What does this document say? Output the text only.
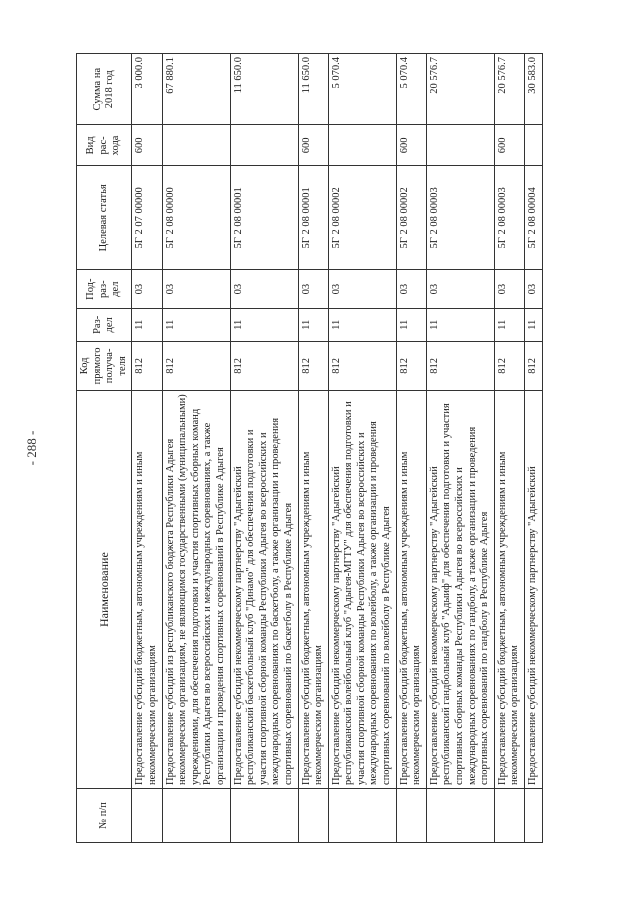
- 288 -
№ п/п	Наименование	Код прямого получа-теля	Раз-дел	Под-раз-дел	Целевая статья	Вид рас-хода	Сумма на 2018 год
	Предоставление субсидий бюджетным, автономным учреждениям и иным некоммерческим организациям	812	11	03	5Г 2 07 00000	600	3 000.0
	Предоставление субсидий из республиканского бюджета Республики Адыгея некоммерческим организациям, не являющимся государственными (муниципальными) учреждениями, для обеспечения подготовки и участия спортивных сборных команд Республики Адыгея во всероссийских и международных соревнованиях, а также организации и проведения спортивных соревнований в Республике Адыгея	812	11	03	5Г 2 08 00000		67 880.1
	Предоставление субсидий некоммерческому партнерству "Адыгейский республиканский баскетбольный клуб "Динамо" для обеспечения подготовки и участия спортивной сборной команды Республики Адыгея во всероссийских и международных соревнованиях по баскетболу, а также организации и проведения спортивных соревнований по баскетболу в Республике Адыгея	812	11	03	5Г 2 08 00001		11 650.0
	Предоставление субсидий бюджетным, автономным учреждениям и иным некоммерческим организациям	812	11	03	5Г 2 08 00001	600	11 650.0
	Предоставление субсидий некоммерческому партнерству "Адыгейский республиканский волейбольный клуб "Адыгея-МГТУ" для обеспечения подготовки и участия спортивной сборной команды Республики Адыгея во всероссийских и международных соревнованиях по волейболу, а также организации и проведения спортивных соревнований по волейболу в Республике Адыгея	812	11	03	5Г 2 08 00002		5 070.4
	Предоставление субсидий бюджетным, автономным учреждениям и иным некоммерческим организациям	812	11	03	5Г 2 08 00002	600	5 070.4
	Предоставление субсидий некоммерческому партнерству "Адыгейский республиканский гандбольный клуб "Адыиф" для обеспечения подготовки и участия спортивных сборных команды Республики Адыгея во всероссийских и международных соревнованиях по гандболу, а также организации и проведения спортивных соревнований по гандболу в Республике Адыгея	812	11	03	5Г 2 08 00003		20 576.7
	Предоставление субсидий бюджетным, автономным учреждениям и иным некоммерческим организациям	812	11	03	5Г 2 08 00003	600	20 576.7
	Предоставление субсидий некоммерческому партнерству "Адыгейский	812	11	03	5Г 2 08 00004		30 583.0
